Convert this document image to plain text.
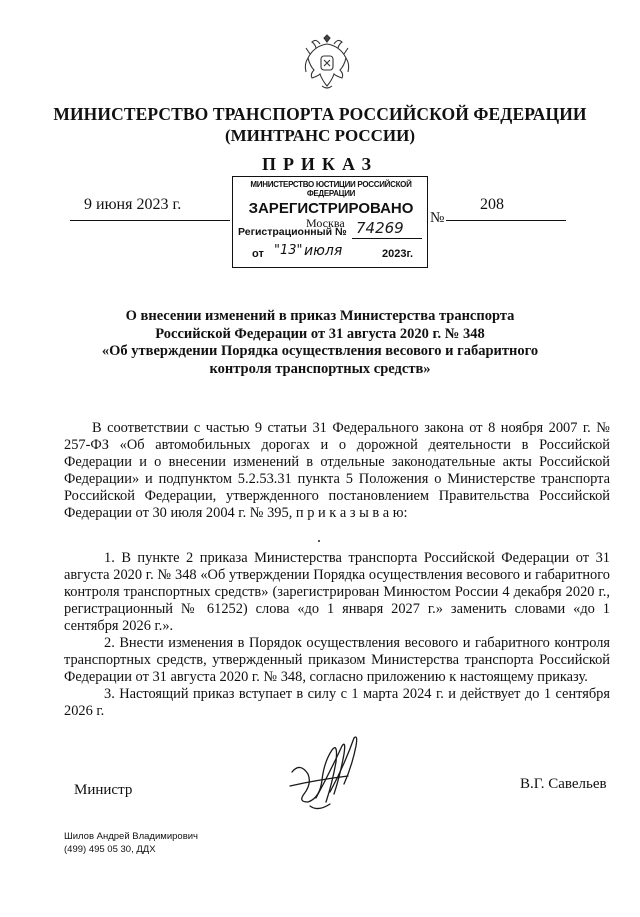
МИНИСТЕРСТВО ТРАНСПОРТА РОССИЙСКОЙ ФЕДЕРАЦИИ
(МИНТРАНС РОССИИ)
ПРИКАЗ
9 июня 2023 г.
Москва	№
208
МИНИСТЕРСТВО ЮСТИЦИИ РОССИЙСКОЙ ФЕДЕРАЦИИ
ЗАРЕГИСТРИРОВАНО
Регистрационный № 74269
от "13" июля	2023г.
О внесении изменений в приказ Министерства транспорта
Российской Федерации от 31 августа 2020 г. № 348
«Об утверждении Порядка осуществления весового и габаритного
контроля транспортных средств»

В соответствии с частью 9 статьи 31 Федерального закона от 8 ноября 2007 г. № 257-ФЗ «Об автомобильных дорогах и о дорожной деятельности в Российской Федерации и о внесении изменений в отдельные законодательные акты Российской Федерации» и подпунктом 5.2.53.31 пункта 5 Положения о Министерстве транспорта Российской Федерации, утвержденного постановлением Правительства Российской Федерации от 30 июля 2004 г. № 395, п р и к а з ы в а ю:

1. В пункте 2 приказа Министерства транспорта Российской Федерации от 31 августа 2020 г. № 348 «Об утверждении Порядка осуществления весового и габаритного контроля транспортных средств» (зарегистрирован Минюстом России 4 декабря 2020 г., регистрационный № 61252) слова «до 1 января 2027 г.» заменить словами «до 1 сентября 2026 г.».

2. Внести изменения в Порядок осуществления весового и габаритного контроля транспортных средств, утвержденный приказом Министерства транспорта Российской Федерации от 31 августа 2020 г. № 348, согласно приложению к настоящему приказу.

3. Настоящий приказ вступает в силу с 1 марта 2024 г. и действует до 1 сентября 2026 г.

Министр	В.Г. Савельев
Шилов Андрей Владимирович
(499) 495 05 30, ДДХ
